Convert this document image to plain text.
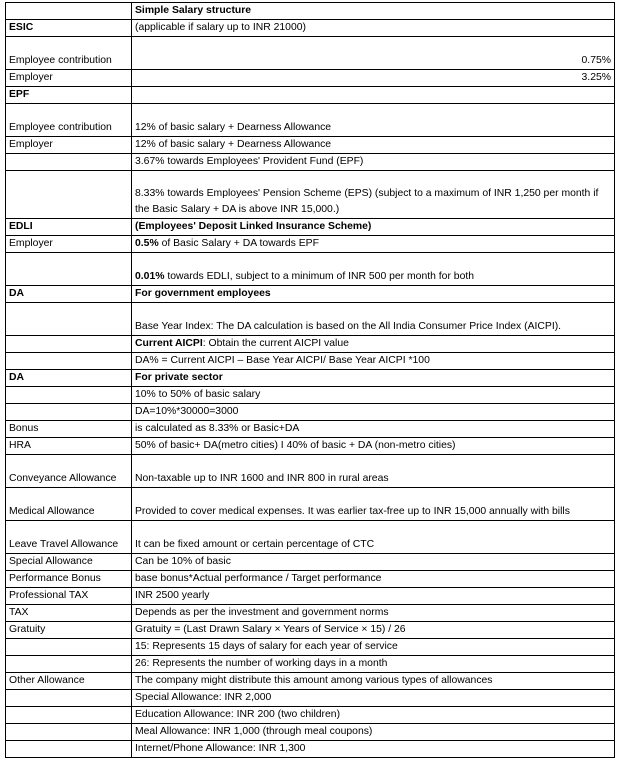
	Simple Salary structure
ESIC	(applicable if salary up to INR 21000)
Employee contribution	0.75%
Employer	3.25%
EPF	
Employee contribution	12% of basic salary + Dearness Allowance
Employer	12% of basic salary + Dearness Allowance
	3.67% towards Employees' Provident Fund (EPF)
	8.33% towards Employees' Pension Scheme (EPS) (subject to a maximum of INR 1,250 per month if the Basic Salary + DA is above INR 15,000.)
EDLI	(Employees' Deposit Linked Insurance Scheme)
Employer	0.5% of Basic Salary + DA towards EPF
	0.01% towards EDLI, subject to a minimum of INR 500 per month for both
DA	For government employees
	Base Year Index: The DA calculation is based on the All India Consumer Price Index (AICPI).
	Current AICPI: Obtain the current AICPI value
	DA% = Current AICPI – Base Year AICPI/ Base Year AICPI *100
DA	For private sector
	10% to 50% of basic salary
	DA=10%*30000=3000
Bonus	is calculated as 8.33% or Basic+DA
HRA	50% of basic+ DA(metro cities) I 40% of basic + DA (non-metro cities)
Conveyance Allowance	Non-taxable up to INR 1600 and INR 800 in rural areas
Medical Allowance	Provided to cover medical expenses. It was earlier tax-free up to INR 15,000 annually with bills
Leave Travel Allowance	It can be fixed amount or certain percentage of CTC
Special Allowance	Can be 10% of basic
Performance Bonus	base bonus*Actual performance / Target performance
Professional TAX	INR 2500 yearly
TAX	Depends as per the investment and government norms
Gratuity	Gratuity = (Last Drawn Salary × Years of Service × 15) / 26
	15: Represents 15 days of salary for each year of service
	26: Represents the number of working days in a month
Other Allowance	The company might distribute this amount among various types of allowances
	Special Allowance: INR 2,000
	Education Allowance: INR 200 (two children)
	Meal Allowance: INR 1,000 (through meal coupons)
	Internet/Phone Allowance: INR 1,300
